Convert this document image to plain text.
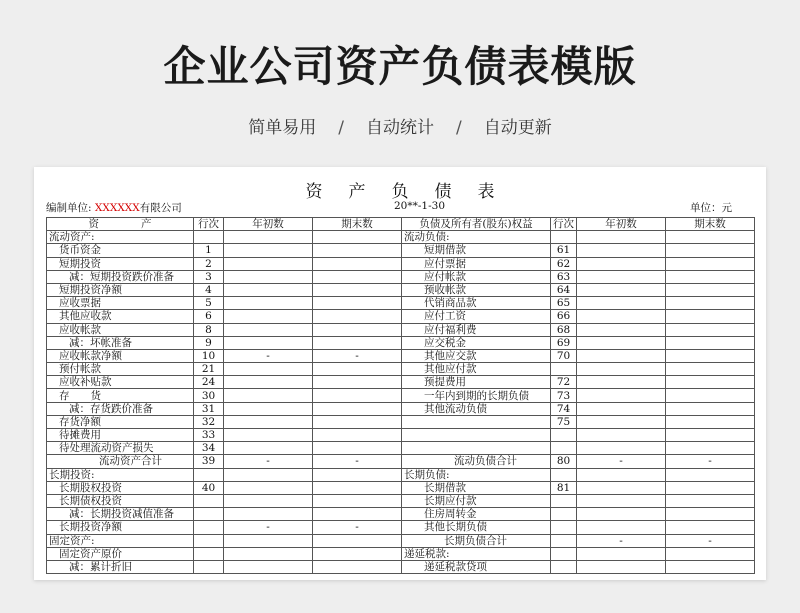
企业公司资产负债表模版
简单易用 / 自动统计 / 自动更新
资产负债表
编制单位: XXXXXX有限公司	20**-1-30	单位：元
资　　　　产	行次	年初数	期末数	负债及所有者(股东)权益	行次	年初数	期末数
流动资产:				流动负债:			
货币资金	1			短期借款	61		
短期投资	2			应付票据	62		
减：短期投资跌价准备	3			应付帐款	63		
短期投资净额	4			预收帐款	64		
应收票据	5			代销商品款	65		
其他应收款	6			应付工资	66		
应收帐款	8			应付福利费	68		
减：坏帐准备	9			应交税金	69		
应收帐款净额	10	-	-	其他应交款	70		
预付帐款	21			其他应付款			
应收补贴款	24			预提费用	72		
存　　货	30			一年内到期的长期负债	73		
减：存货跌价准备	31			其他流动负债	74		
存货净额	32				75		
待摊费用	33						
待处理流动资产损失	34						
流动资产合计	39	-	-	流动负债合计	80	-	-
长期投资:				长期负债:			
长期股权投资	40			长期借款	81		
长期债权投资				长期应付款			
减：长期投资减值准备				住房周转金			
长期投资净额		-	-	其他长期负债			
固定资产:				长期负债合计		-	-
固定资产原价				递延税款:			
减：累计折旧				递延税款贷项			
